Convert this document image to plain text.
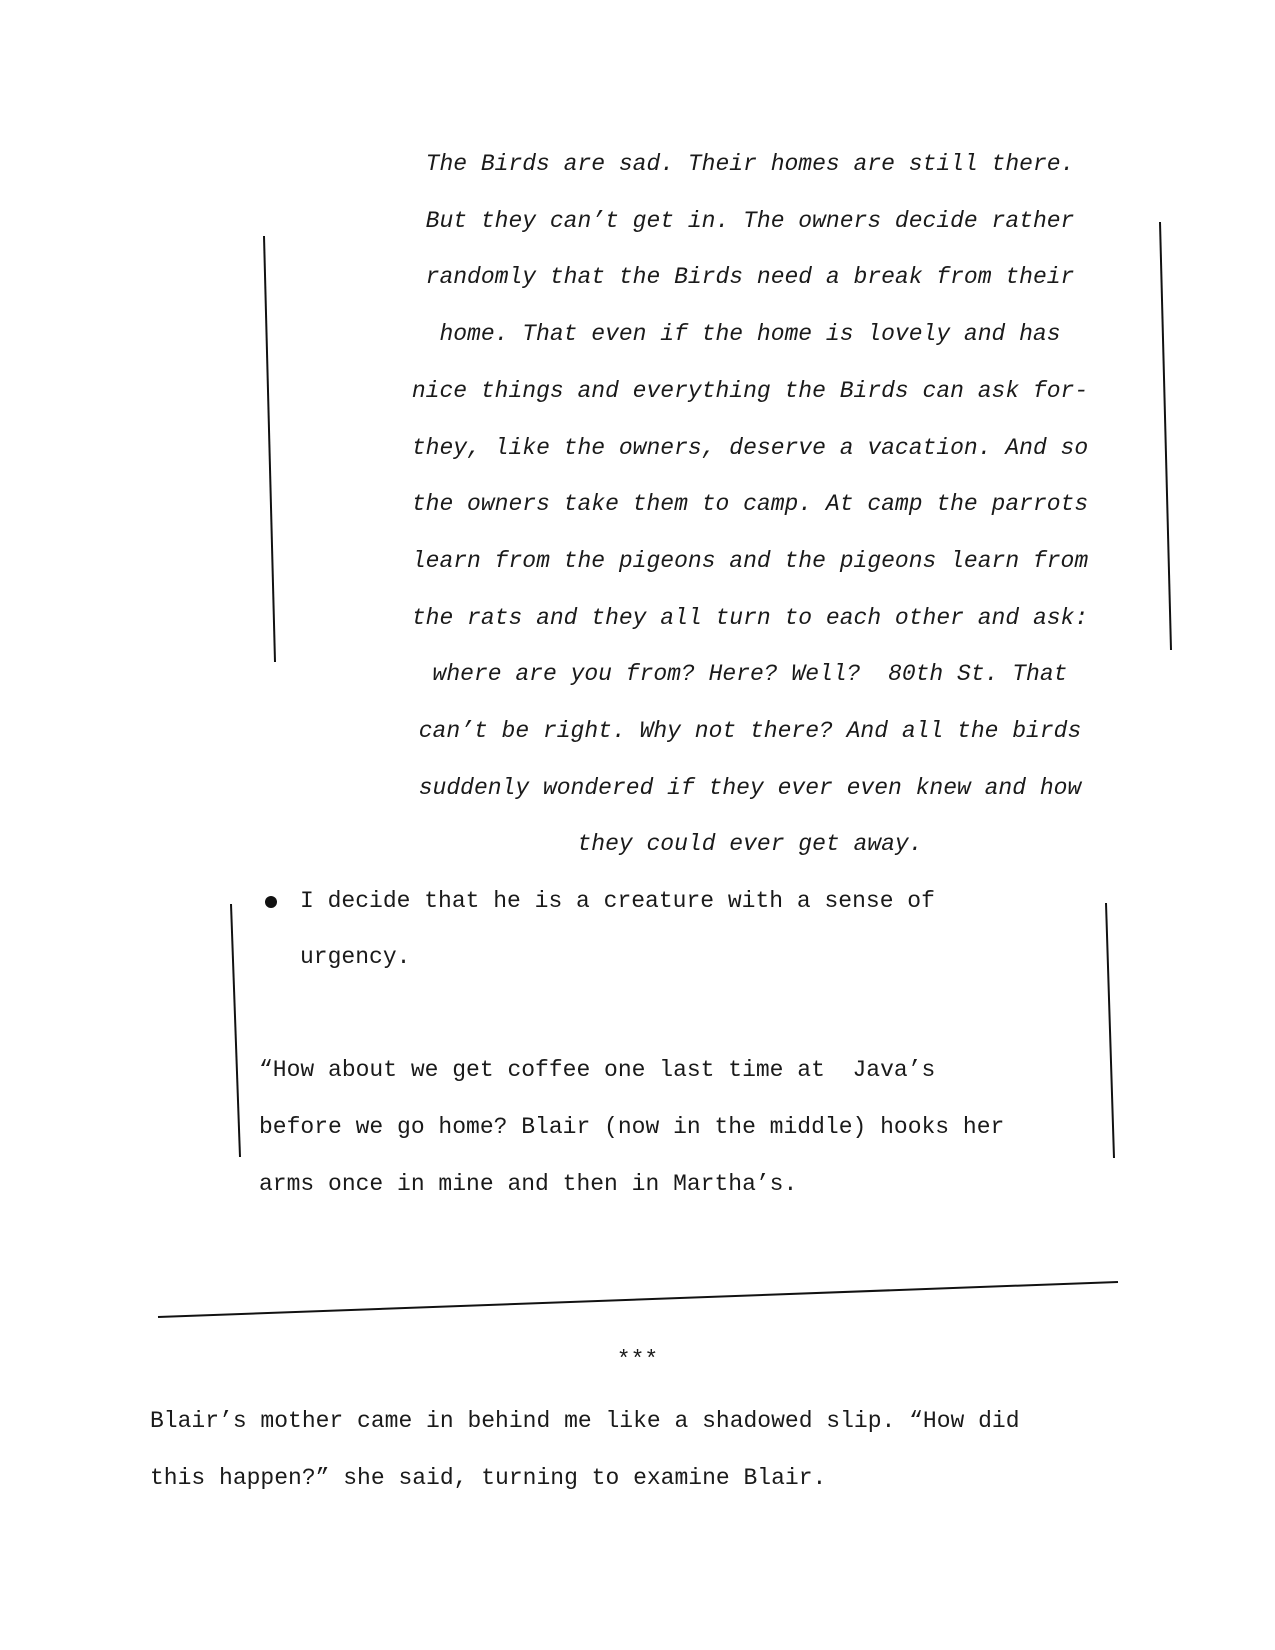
The Birds are sad. Their homes are still there.
But they can’t get in. The owners decide rather
randomly that the Birds need a break from their
home. That even if the home is lovely and has
nice things and everything the Birds can ask for-
they, like the owners, deserve a vacation. And so
the owners take them to camp. At camp the parrots
learn from the pigeons and the pigeons learn from
the rats and they all turn to each other and ask:
where are you from? Here? Well?  80th St. That
can’t be right. Why not there? And all the birds
suddenly wondered if they ever even knew and how
they could ever get away.
I decide that he is a creature with a sense of
urgency.
“How about we get coffee one last time at  Java’s
before we go home? Blair (now in the middle) hooks her
arms once in mine and then in Martha’s.
***
Blair’s mother came in behind me like a shadowed slip. “How did
this happen?” she said, turning to examine Blair.
